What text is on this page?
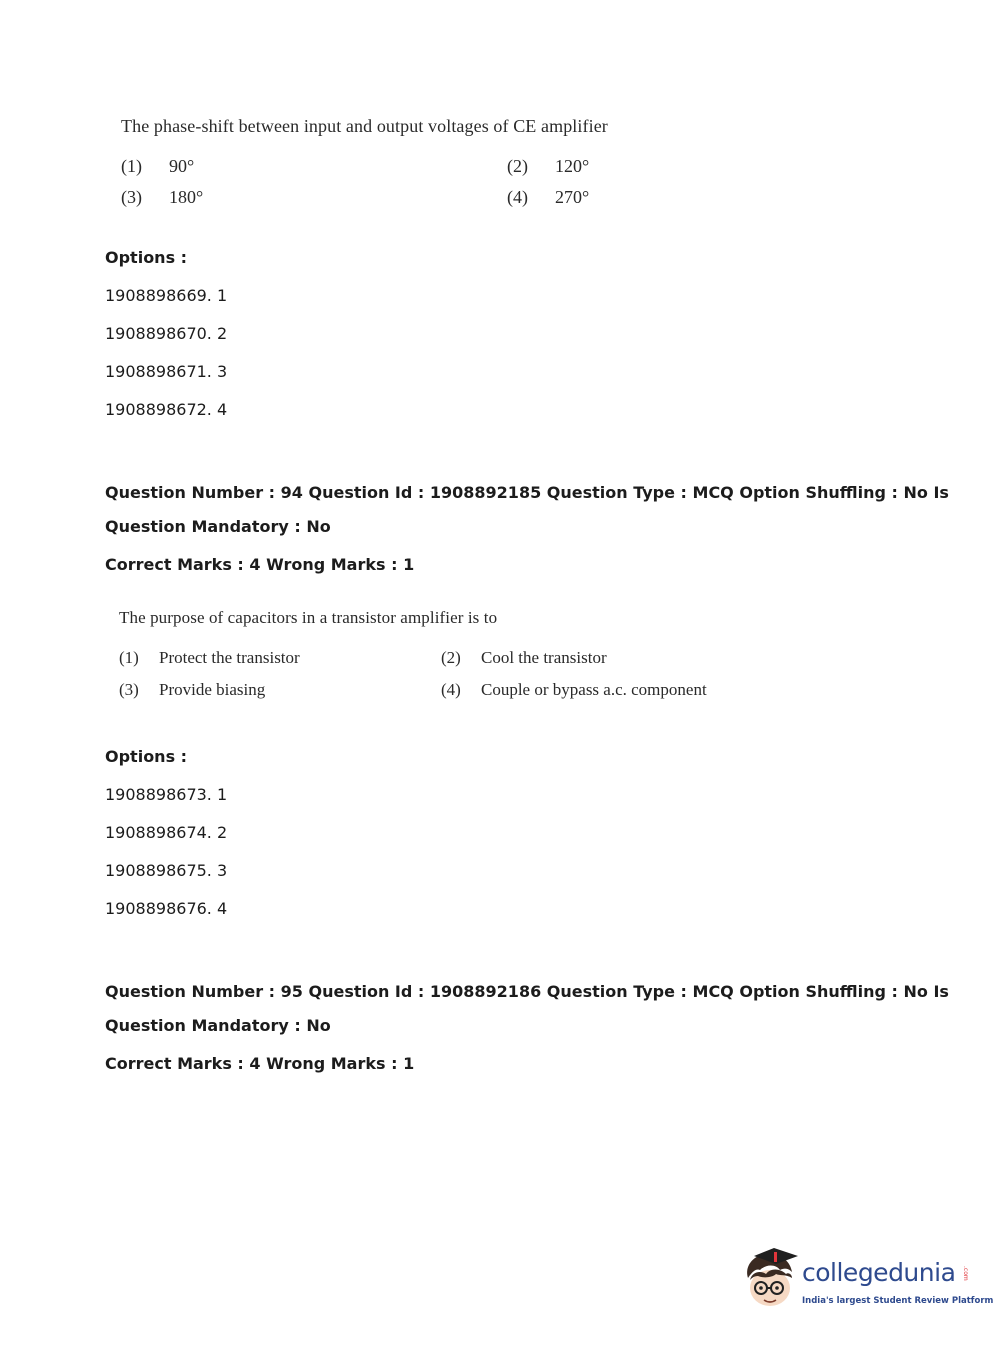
The phase-shift between input and output voltages of CE amplifier
(1) 90°	(2) 120°
(3) 180°	(4) 270°
Options :
1908898669. 1
1908898670. 2
1908898671. 3
1908898672. 4
Question Number : 94 Question Id : 1908892185 Question Type : MCQ Option Shuffling : No Is
Question Mandatory : No
Correct Marks : 4 Wrong Marks : 1
The purpose of capacitors in a transistor amplifier is to
(1) Protect the transistor	(2) Cool the transistor
(3) Provide biasing	(4) Couple or bypass a.c. component
Options :
1908898673. 1
1908898674. 2
1908898675. 3
1908898676. 4
Question Number : 95 Question Id : 1908892186 Question Type : MCQ Option Shuffling : No Is
Question Mandatory : No
Correct Marks : 4 Wrong Marks : 1
collegedunia .com
India's largest Student Review Platform
